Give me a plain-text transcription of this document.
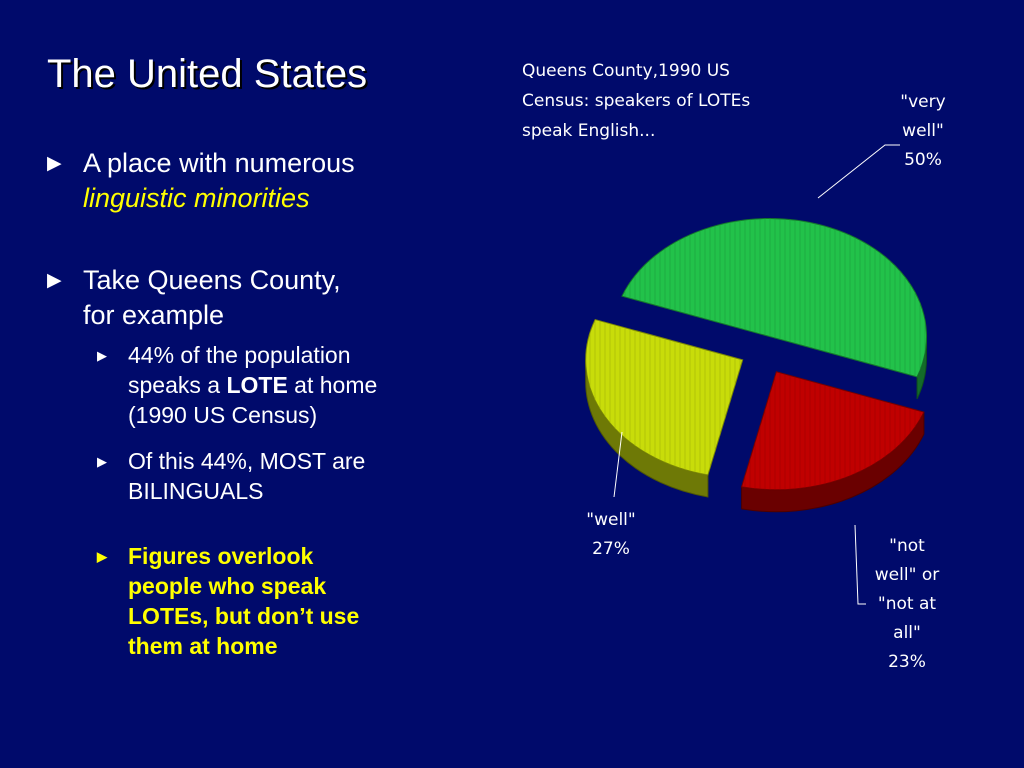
The United States
▶ A place with numerous
linguistic minorities
▶ Take Queens County,
for example
▶ 44% of the population
speaks a LOTE at home
(1990 US Census)
▶ Of this 44%, MOST are
BILINGUALS
▶ Figures overlook
people who speak
LOTEs, but don’t use
them at home
Queens County,1990 US
Census: speakers of LOTEs
speak English...
"very
well"
50%
"well"
27%	"not
well" or
"not at
all"
23%
